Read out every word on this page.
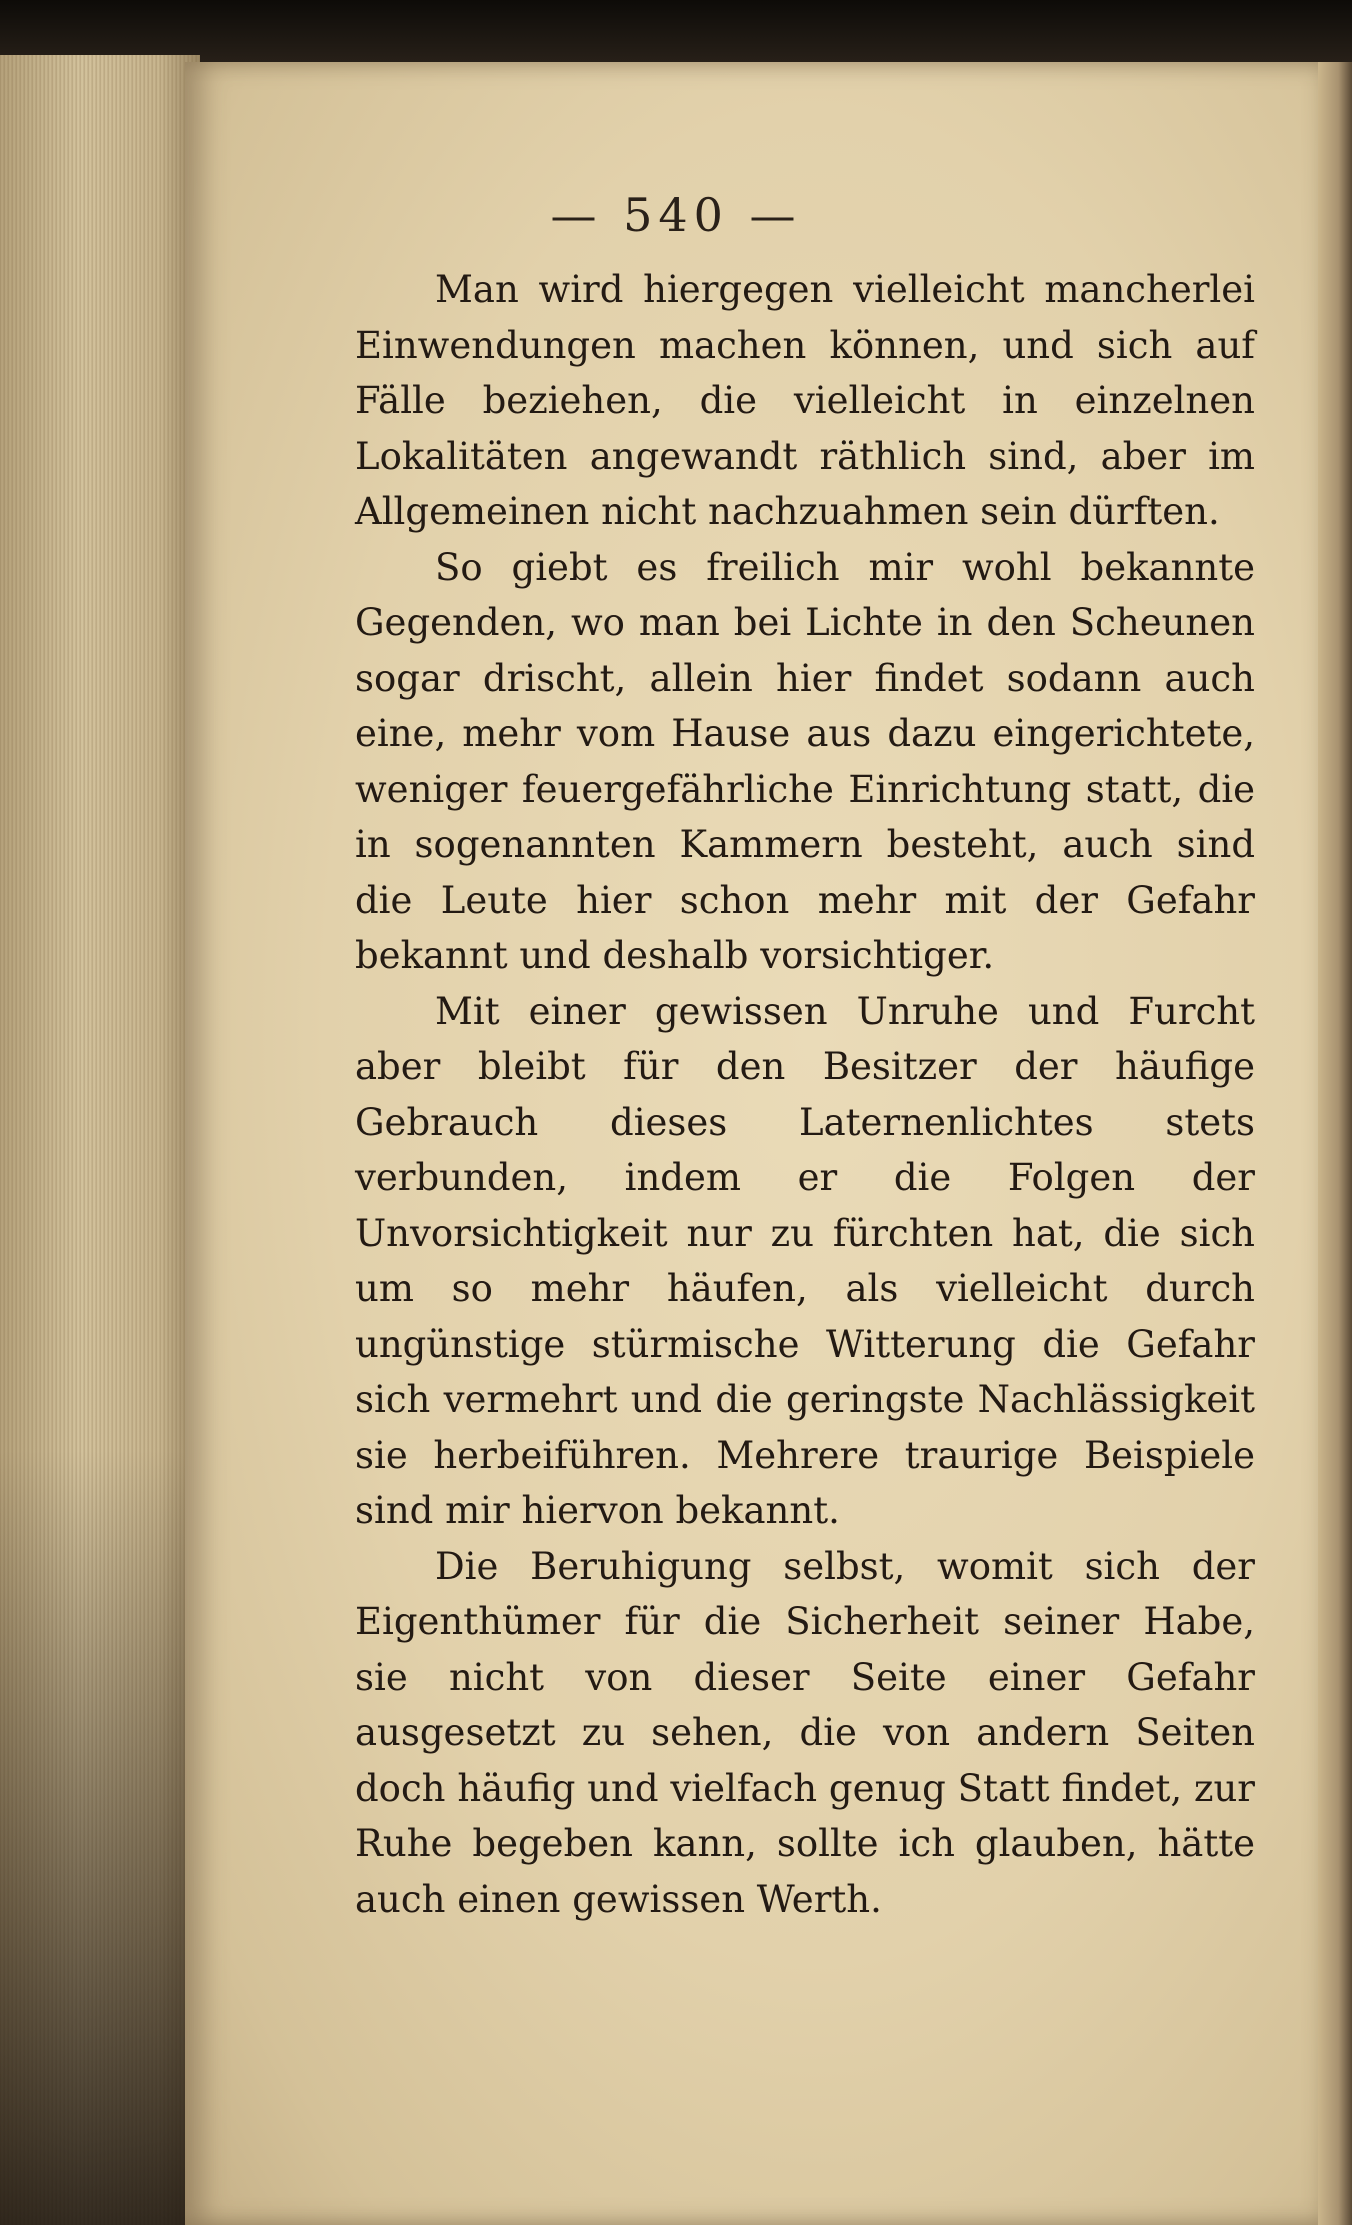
— 540 —

Man wird hiergegen vielleicht mancherlei Einwendungen machen können, und sich auf Fälle beziehen, die vielleicht in einzelnen Lokalitäten angewandt räthlich sind, aber im Allgemeinen nicht nachzuahmen sein dürften.

So giebt es freilich mir wohl bekannte Gegenden, wo man bei Lichte in den Scheunen sogar drischt, allein hier findet sodann auch eine, mehr vom Hause aus dazu eingerichtete, weniger feuergefährliche Einrichtung statt, die in sogenannten Kammern besteht, auch sind die Leute hier schon mehr mit der Gefahr bekannt und deshalb vorsichtiger.

Mit einer gewissen Unruhe und Furcht aber bleibt für den Besitzer der häufige Gebrauch dieses Laternenlichtes stets verbunden, indem er die Folgen der Unvorsichtigkeit nur zu fürchten hat, die sich um so mehr häufen, als vielleicht durch ungünstige stürmische Witterung die Gefahr sich vermehrt und die geringste Nachlässigkeit sie herbeiführen. Mehrere traurige Beispiele sind mir hiervon bekannt.

Die Beruhigung selbst, womit sich der Eigenthümer für die Sicherheit seiner Habe, sie nicht von dieser Seite einer Gefahr ausgesetzt zu sehen, die von andern Seiten doch häufig und vielfach genug Statt findet, zur Ruhe begeben kann, sollte ich glauben, hätte auch einen gewissen Werth.
